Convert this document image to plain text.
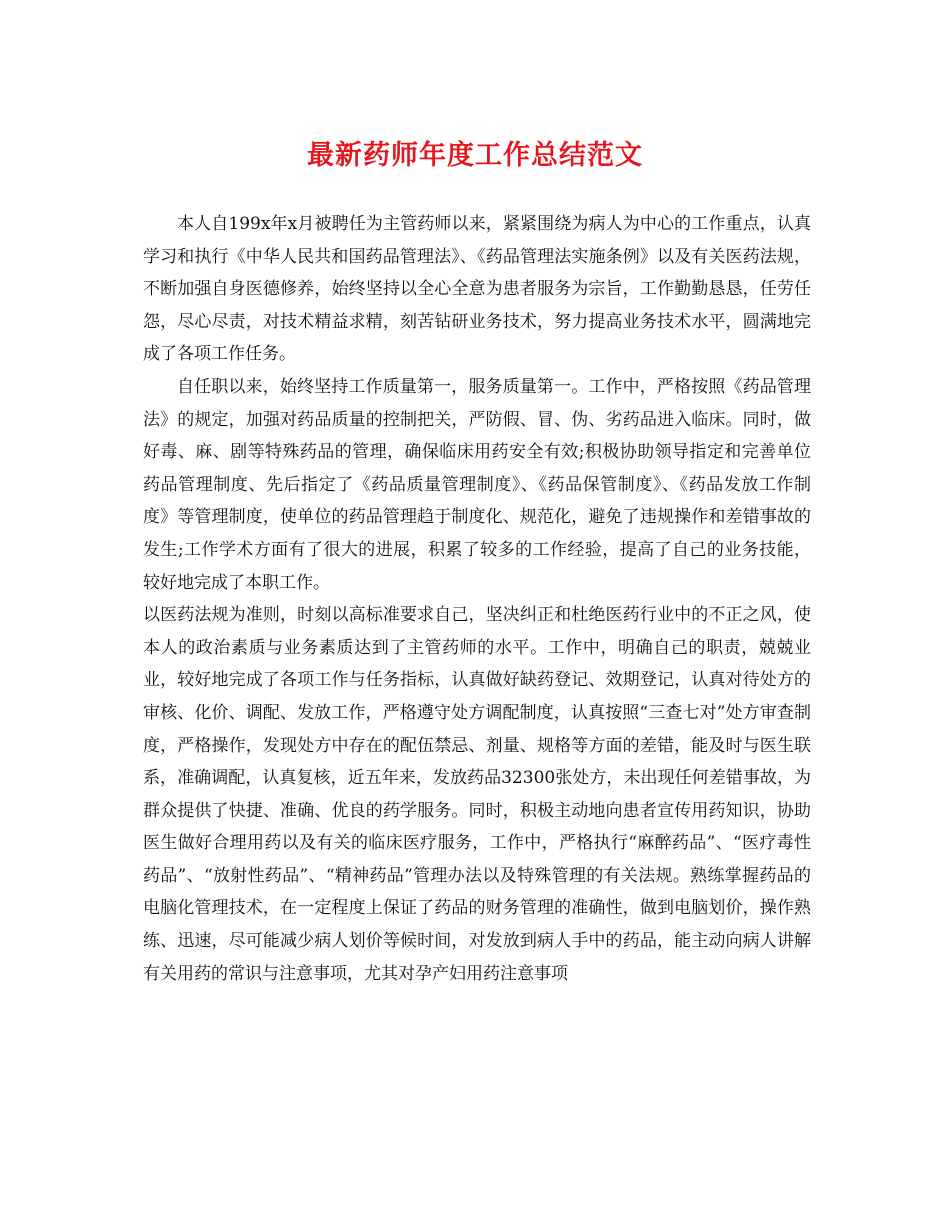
最新药师年度工作总结范文

本人自199x年x月被聘任为主管药师以来，紧紧围绕为病人为中心的工作重点，认真学习和执行《中华人民共和国药品管理法》、《药品管理法实施条例》以及有关医药法规，不断加强自身医德修养，始终坚持以全心全意为患者服务为宗旨，工作勤勤恳恳，任劳任怨，尽心尽责，对技术精益求精，刻苦钻研业务技术，努力提高业务技术水平，圆满地完成了各项工作任务。

自任职以来，始终坚持工作质量第一，服务质量第一。工作中，严格按照《药品管理法》的规定，加强对药品质量的控制把关，严防假、冒、伪、劣药品进入临床。同时，做好毒、麻、剧等特殊药品的管理，确保临床用药安全有效;积极协助领导指定和完善单位药品管理制度、先后指定了《药品质量管理制度》、《药品保管制度》、《药品发放工作制度》等管理制度，使单位的药品管理趋于制度化、规范化，避免了违规操作和差错事故的发生;工作学术方面有了很大的进展，积累了较多的工作经验，提高了自己的业务技能，较好地完成了本职工作。

以医药法规为准则，时刻以高标准要求自己，坚决纠正和杜绝医药行业中的不正之风，使本人的政治素质与业务素质达到了主管药师的水平。工作中，明确自己的职责，兢兢业业，较好地完成了各项工作与任务指标，认真做好缺药登记、效期登记，认真对待处方的审核、化价、调配、发放工作，严格遵守处方调配制度，认真按照“三查七对”处方审查制度，严格操作，发现处方中存在的配伍禁忌、剂量、规格等方面的差错，能及时与医生联系，准确调配，认真复核，近五年来，发放药品32300张处方，未出现任何差错事故，为群众提供了快捷、准确、优良的药学服务。同时，积极主动地向患者宣传用药知识，协助医生做好合理用药以及有关的临床医疗服务，工作中，严格执行“麻醉药品”、“医疗毒性药品”、“放射性药品”、“精神药品”管理办法以及特殊管理的有关法规。熟练掌握药品的电脑化管理技术，在一定程度上保证了药品的财务管理的准确性，做到电脑划价，操作熟练、迅速，尽可能减少病人划价等候时间，对发放到病人手中的药品，能主动向病人讲解有关用药的常识与注意事项，尤其对孕产妇用药注意事项
